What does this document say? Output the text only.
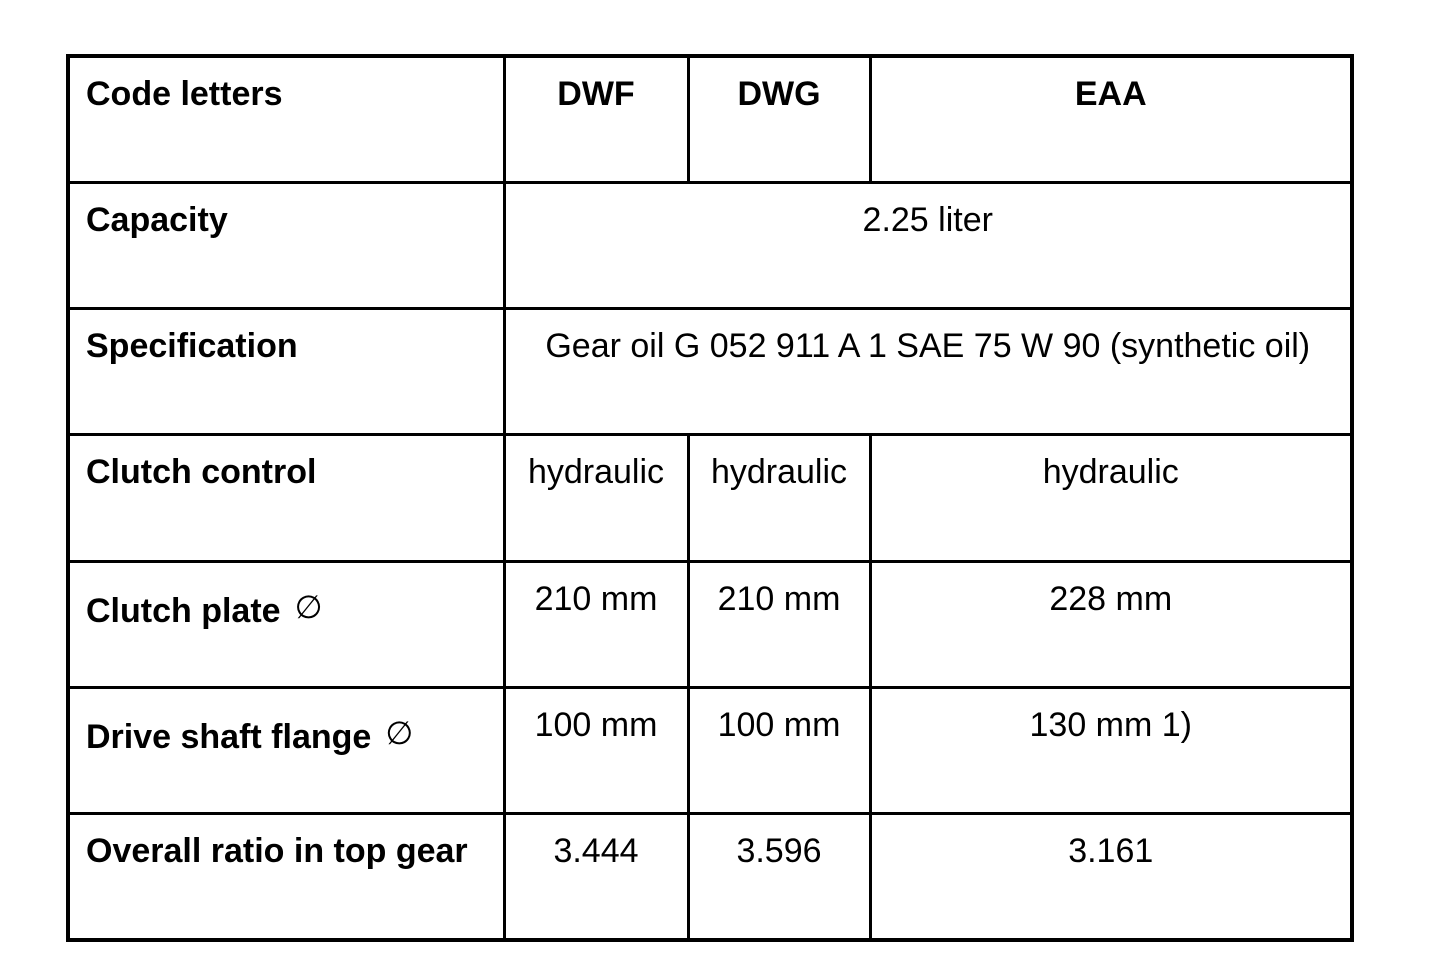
Code letters	DWF	DWG	EAA
Capacity	2.25 liter		
Specification	Gear oil G 052 911 A 1 SAE 75 W 90 (synthetic oil)		
Clutch control	hydraulic	hydraulic	hydraulic
Clutch plate ∅	210 mm	210 mm	228 mm
Drive shaft flange ∅	100 mm	100 mm	130 mm 1)
Overall ratio in top gear	3.444	3.596	3.161
